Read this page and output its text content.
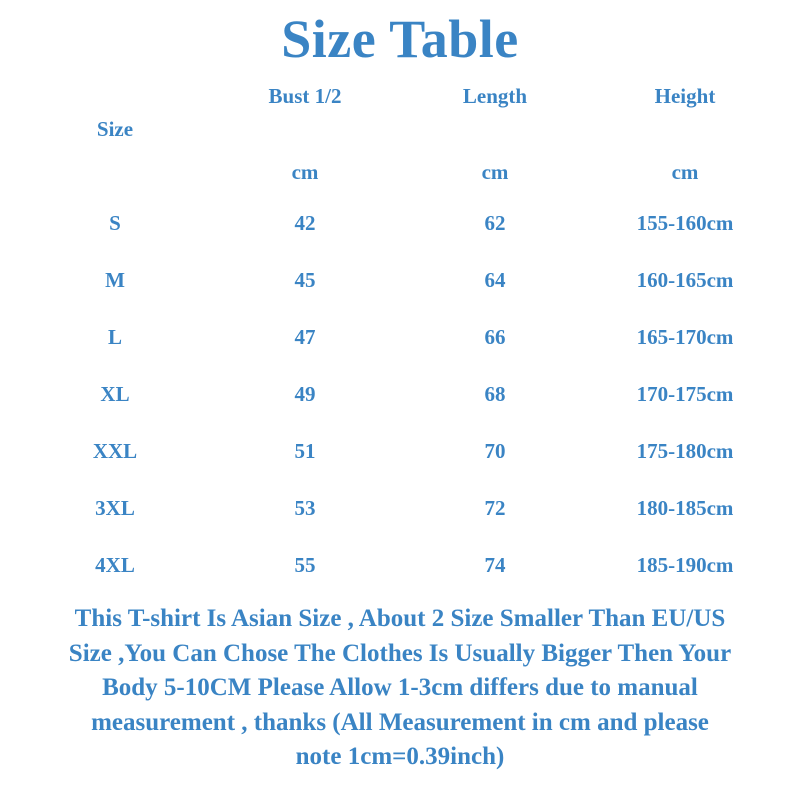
Size Table
	Bust 1/2	Length	Height
Size			
	cm	cm	cm
S	42	62	155-160cm
M	45	64	160-165cm
L	47	66	165-170cm
XL	49	68	170-175cm
XXL	51	70	175-180cm
3XL	53	72	180-185cm
4XL	55	74	185-190cm
This T-shirt Is Asian Size , About 2 Size Smaller Than EU/US
Size ,You Can Chose The Clothes Is Usually Bigger Then Your
Body 5-10CM Please Allow 1-3cm differs due to manual
measurement , thanks (All Measurement in cm and please
note 1cm=0.39inch)
